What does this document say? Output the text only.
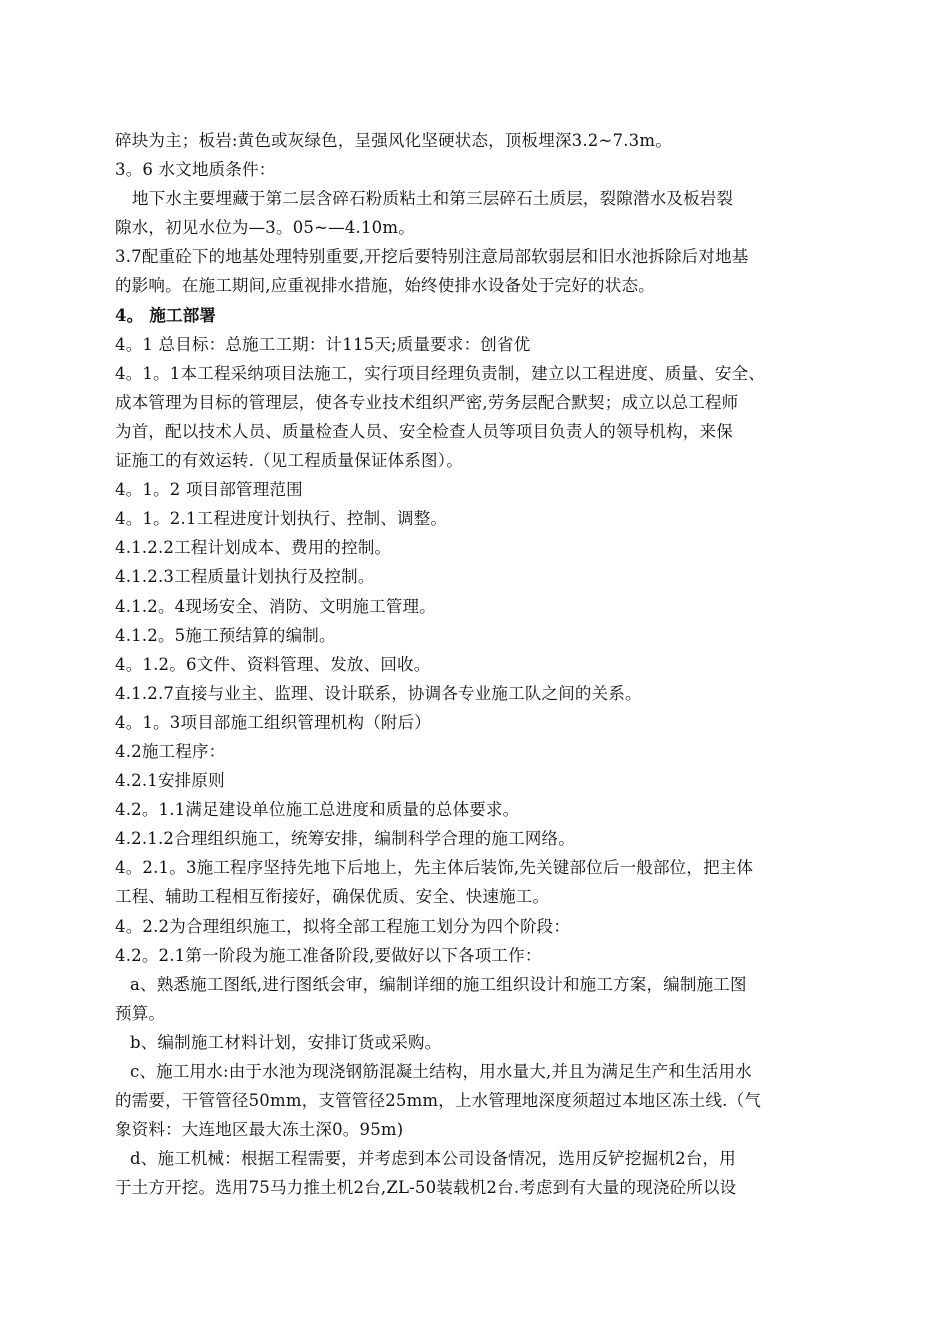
碎块为主；板岩:黄色或灰绿色，呈强风化坚硬状态，顶板埋深3.2~7.3m。
3。6 水文地质条件：
地下水主要埋藏于第二层含碎石粉质粘土和第三层碎石土质层，裂隙潜水及板岩裂
隙水，初见水位为—3。05~—4.10m。
3.7配重砼下的地基处理特别重要,开挖后要特别注意局部软弱层和旧水池拆除后对地基
的影响。在施工期间,应重视排水措施，始终使排水设备处于完好的状态。
4。 施工部署
4。1 总目标：总施工工期：计115天;质量要求：创省优
4。1。1本工程采纳项目法施工，实行项目经理负责制，建立以工程进度、质量、安全、
成本管理为目标的管理层，使各专业技术组织严密,劳务层配合默契；成立以总工程师
为首，配以技术人员、质量检查人员、安全检查人员等项目负责人的领导机构，来保
证施工的有效运转.（见工程质量保证体系图）。
4。1。2 项目部管理范围
4。1。2.1工程进度计划执行、控制、调整。
4.1.2.2工程计划成本、费用的控制。
4.1.2.3工程质量计划执行及控制。
4.1.2。4现场安全、消防、文明施工管理。
4.1.2。5施工预结算的编制。
4。1.2。6文件、资料管理、发放、回收。
4.1.2.7直接与业主、监理、设计联系，协调各专业施工队之间的关系。
4。1。3项目部施工组织管理机构（附后）
4.2施工程序：
4.2.1安排原则
4.2。1.1满足建设单位施工总进度和质量的总体要求。
4.2.1.2合理组织施工，统筹安排，编制科学合理的施工网络。
4。2.1。3施工程序坚持先地下后地上，先主体后装饰,先关键部位后一般部位，把主体
工程、辅助工程相互衔接好，确保优质、安全、快速施工。
4。2.2为合理组织施工，拟将全部工程施工划分为四个阶段：
4.2。2.1第一阶段为施工准备阶段,要做好以下各项工作：
a、熟悉施工图纸,进行图纸会审，编制详细的施工组织设计和施工方案，编制施工图
预算。
b、编制施工材料计划，安排订货或采购。
c、施工用水:由于水池为现浇钢筋混凝土结构，用水量大,并且为满足生产和生活用水
的需要，干管管径50mm，支管管径25mm，上水管理地深度须超过本地区冻土线.（气
象资料：大连地区最大冻土深0。95m)
d、施工机械：根据工程需要，并考虑到本公司设备情况，选用反铲挖掘机2台，用
于土方开挖。选用75马力推土机2台,ZL-50装载机2台.考虑到有大量的现浇砼所以设
